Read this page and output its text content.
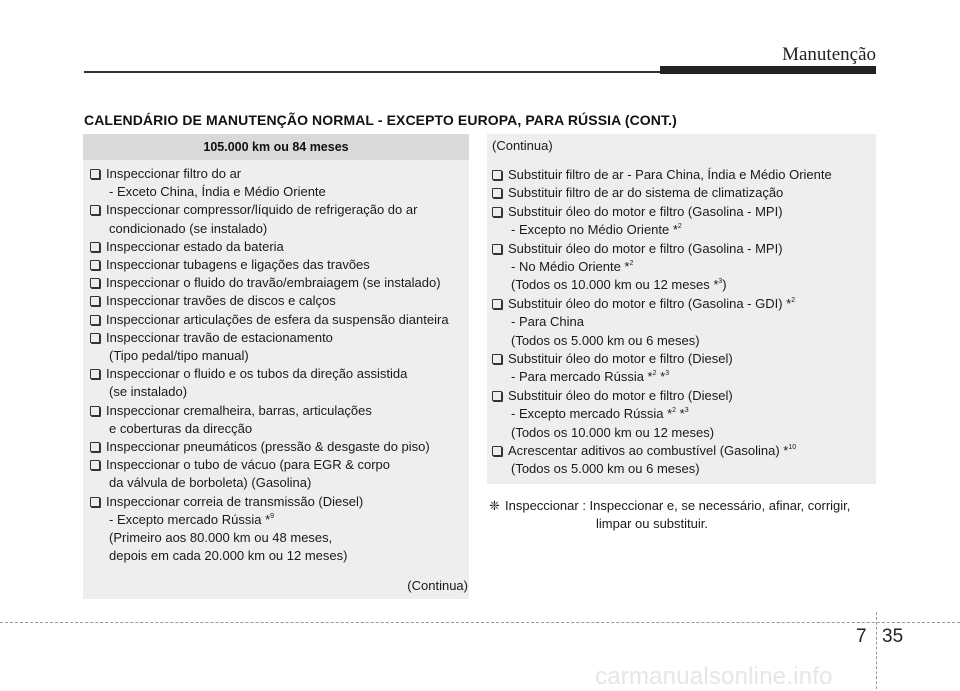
Manutenção
CALENDÁRIO DE MANUTENÇÃO NORMAL - EXCEPTO EUROPA, PARA RÚSSIA (CONT.)
105.000 km ou 84 meses
Inspeccionar filtro do ar
- Exceto China, Índia e Médio Oriente
Inspeccionar compressor/líquido de refrigeração do ar
condicionado (se instalado)
Inspeccionar estado da bateria
Inspeccionar tubagens e ligações das travões
Inspeccionar o fluido do travão/embraiagem (se instalado)
Inspeccionar travões de discos e calços
Inspeccionar articulações de esfera da suspensão dianteira
Inspeccionar travão de estacionamento
(Tipo pedal/tipo manual)
Inspeccionar o fluido e os tubos da direção assistida
(se instalado)
Inspeccionar cremalheira, barras, articulações
e coberturas da direcção
Inspeccionar pneumáticos (pressão & desgaste do piso)
Inspeccionar o tubo de vácuo (para EGR & corpo
da válvula de borboleta) (Gasolina)
Inspeccionar correia de transmissão (Diesel)
- Excepto mercado Rússia *$^9$
(Primeiro aos 80.000 km ou 48 meses,
depois em cada 20.000 km ou 12 meses)
(Continua)
(Continua)
Substituir filtro de ar - Para China, Índia e Médio Oriente
Substituir filtro de ar do sistema de climatização
Substituir óleo do motor e filtro (Gasolina - MPI)
- Excepto no Médio Oriente *$^2$
Substituir óleo do motor e filtro (Gasolina - MPI)
- No Médio Oriente *$^2$
(Todos os 10.000 km ou 12 meses *$^3$)
Substituir óleo do motor e filtro (Gasolina - GDI) *$^2$
- Para China
(Todos os 5.000 km ou 6 meses)
Substituir óleo do motor e filtro (Diesel)
- Para mercado Rússia *$^2$ *$^3$
Substituir óleo do motor e filtro (Diesel)
- Excepto mercado Rússia *$^2$ *$^3$
(Todos os 10.000 km ou 12 meses)
Acrescentar aditivos ao combustível (Gasolina) *$^{10}$
(Todos os 5.000 km ou 6 meses)
❈ Inspeccionar : Inspeccionar e, se necessário, afinar, corrigir,
limpar ou substituir.
7 35
carmanualsonline.info
